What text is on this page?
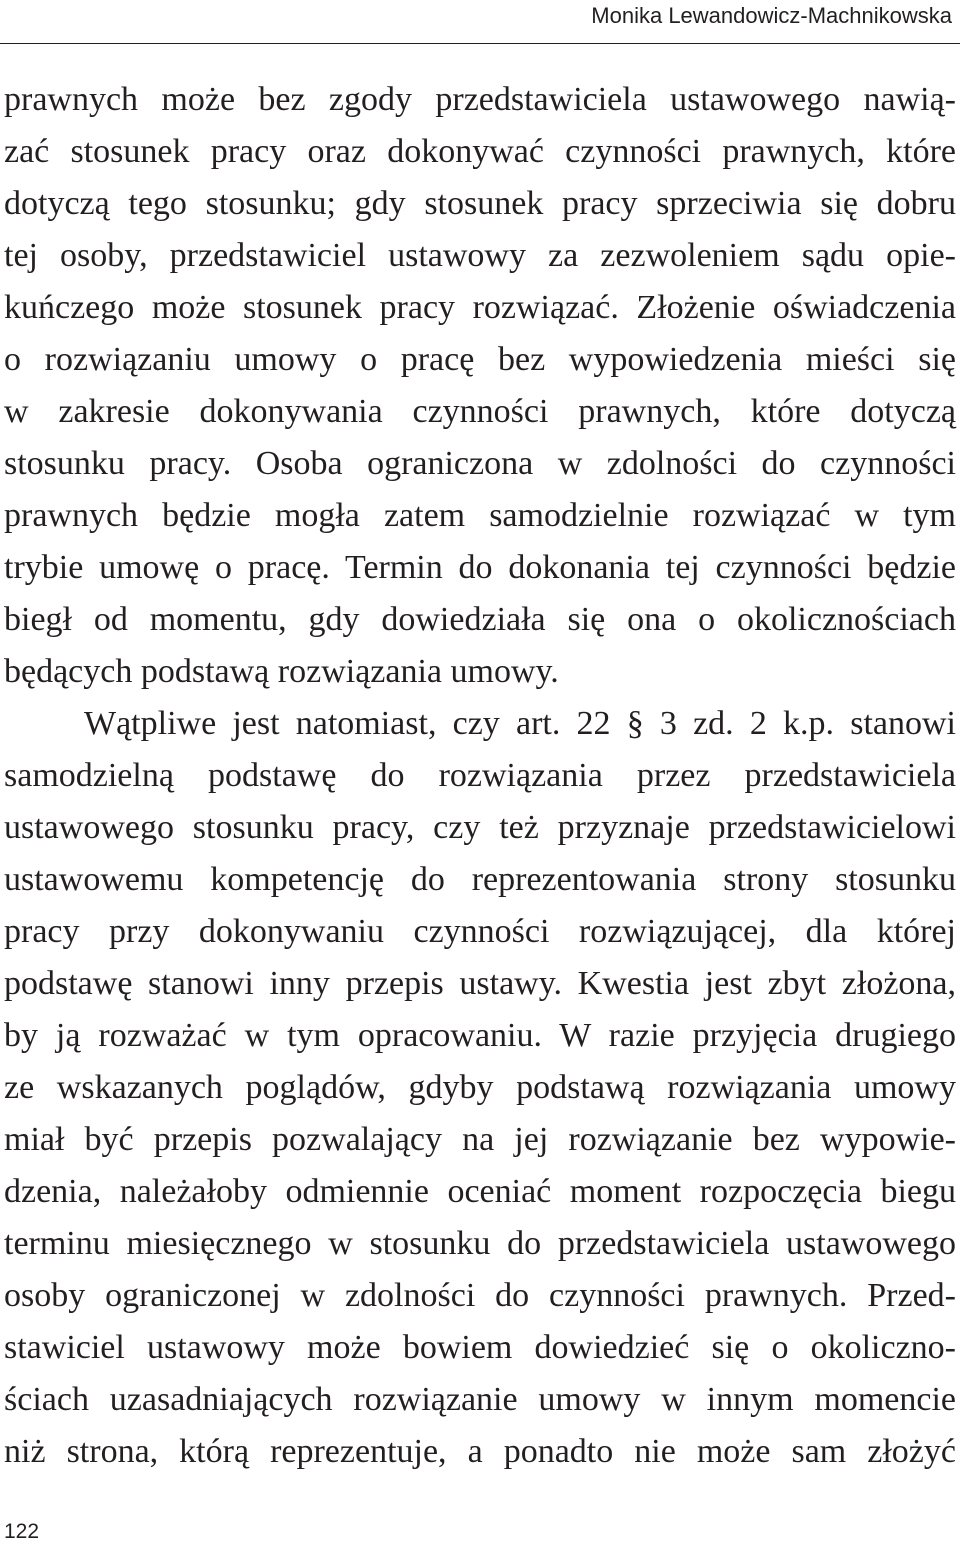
Monika Lewandowicz-Machnikowska

prawnych może bez zgody przedstawiciela ustawowego nawią-

zać stosunek pracy oraz dokonywać czynności prawnych, które

dotyczą tego stosunku; gdy stosunek pracy sprzeciwia się dobru

tej osoby, przedstawiciel ustawowy za zezwoleniem sądu opie-

kuńczego może stosunek pracy rozwiązać. Złożenie oświadczenia

o rozwiązaniu umowy o pracę bez wypowiedzenia mieści się

w zakresie dokonywania czynności prawnych, które dotyczą

stosunku pracy. Osoba ograniczona w zdolności do czynności

prawnych będzie mogła zatem samodzielnie rozwiązać w tym

trybie umowę o pracę. Termin do dokonania tej czynności będzie

biegł od momentu, gdy dowiedziała się ona o okolicznościach

będących podstawą rozwiązania umowy.

Wątpliwe jest natomiast, czy art. 22 § 3 zd. 2 k.p. stanowi

samodzielną podstawę do rozwiązania przez przedstawiciela

ustawowego stosunku pracy, czy też przyznaje przedstawicielowi

ustawowemu kompetencję do reprezentowania strony stosunku

pracy przy dokonywaniu czynności rozwiązującej, dla której

podstawę stanowi inny przepis ustawy. Kwestia jest zbyt złożona,

by ją rozważać w tym opracowaniu. W razie przyjęcia drugiego

ze wskazanych poglądów, gdyby podstawą rozwiązania umowy

miał być przepis pozwalający na jej rozwiązanie bez wypowie-

dzenia, należałoby odmiennie oceniać moment rozpoczęcia biegu

terminu miesięcznego w stosunku do przedstawiciela ustawowego

osoby ograniczonej w zdolności do czynności prawnych. Przed-

stawiciel ustawowy może bowiem dowiedzieć się o okoliczno-

ściach uzasadniających rozwiązanie umowy w innym momencie

niż strona, którą reprezentuje, a ponadto nie może sam złożyć

122
